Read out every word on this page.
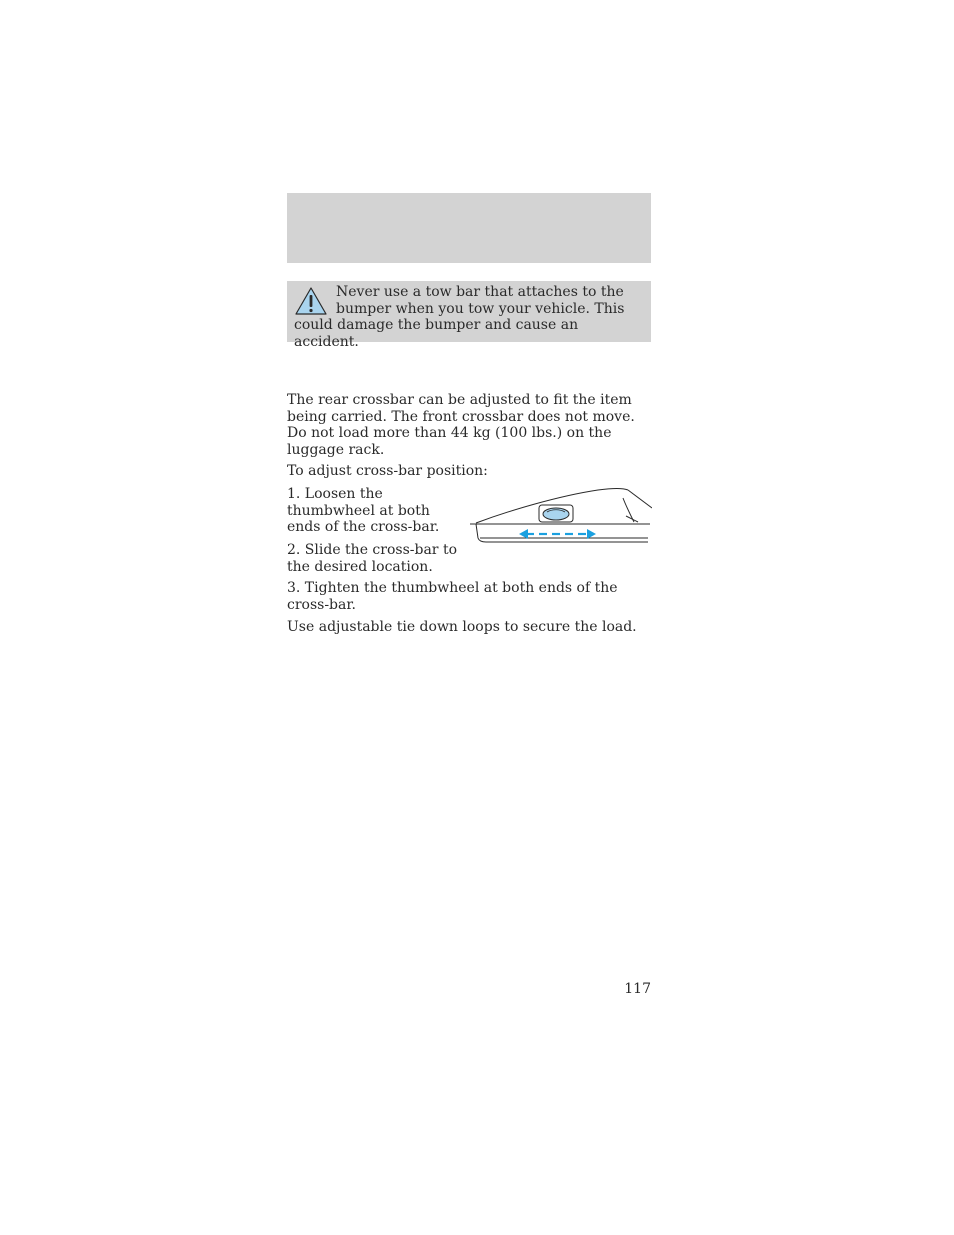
Never use a tow bar that attaches to the bumper when you tow your vehicle. This could damage the bumper and cause an accident.

The rear crossbar can be adjusted to fit the item being carried. The front crossbar does not move. Do not load more than 44 kg (100 lbs.) on the luggage rack.

To adjust cross-bar position:

1. Loosen the thumbwheel at both ends of the cross-bar.

2. Slide the cross-bar to the desired location.

3. Tighten the thumbwheel at both ends of the cross-bar.

Use adjustable tie down loops to secure the load.

117
